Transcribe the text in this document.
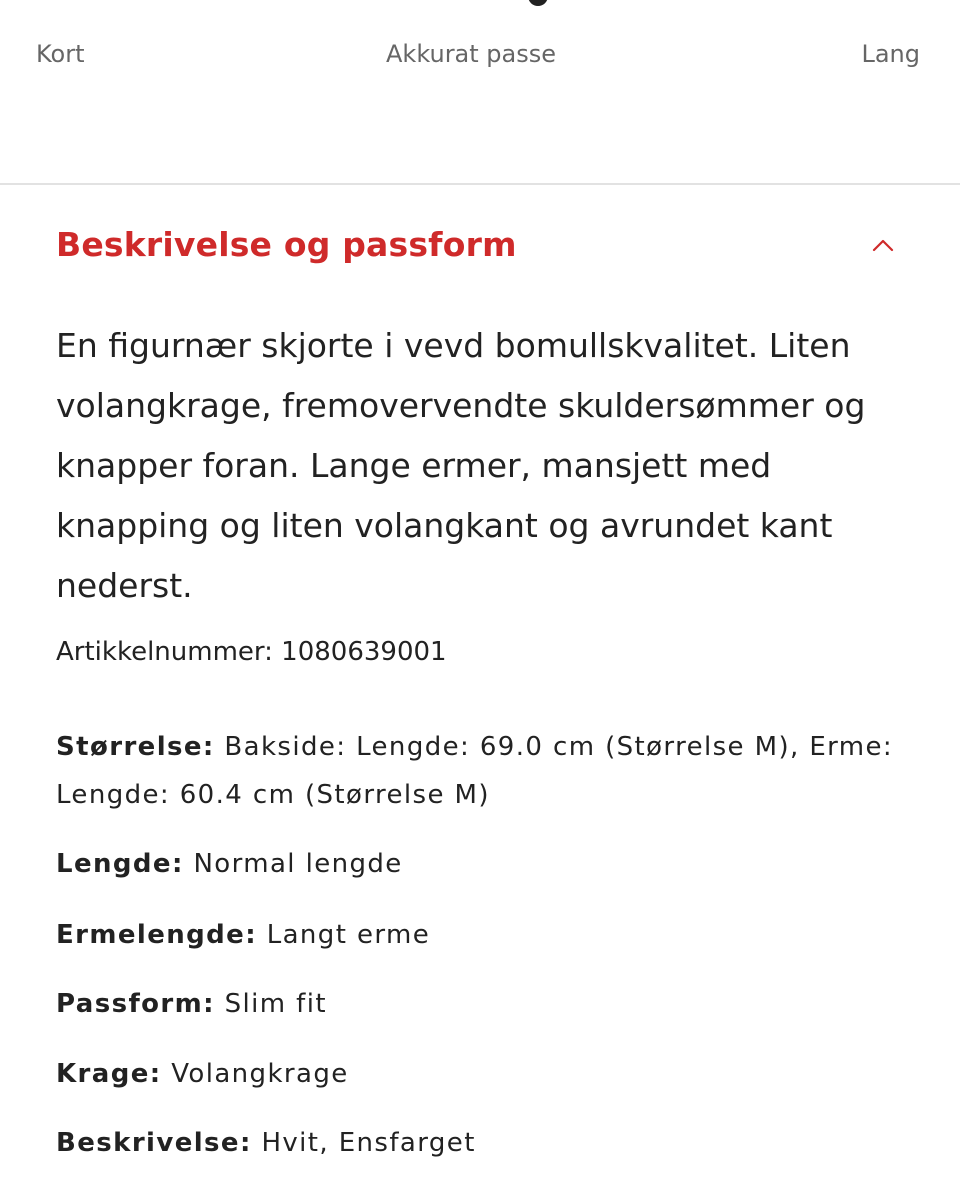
Kort	Akkurat passe	Lang
Beskrivelse og passform
En figurnær skjorte i vevd bomullskvalitet. Liten volangkrage, fremovervendte skuldersømmer og knapper foran. Lange ermer, mansjett med knapping og liten volangkant og avrundet kant nederst.
Artikkelnummer: 1080639001
Størrelse: Bakside: Lengde: 69.0 cm (Størrelse M), Erme: Lengde: 60.4 cm (Størrelse M)
Lengde: Normal lengde
Ermelengde: Langt erme
Passform: Slim fit
Krage: Volangkrage
Beskrivelse: Hvit, Ensfarget
